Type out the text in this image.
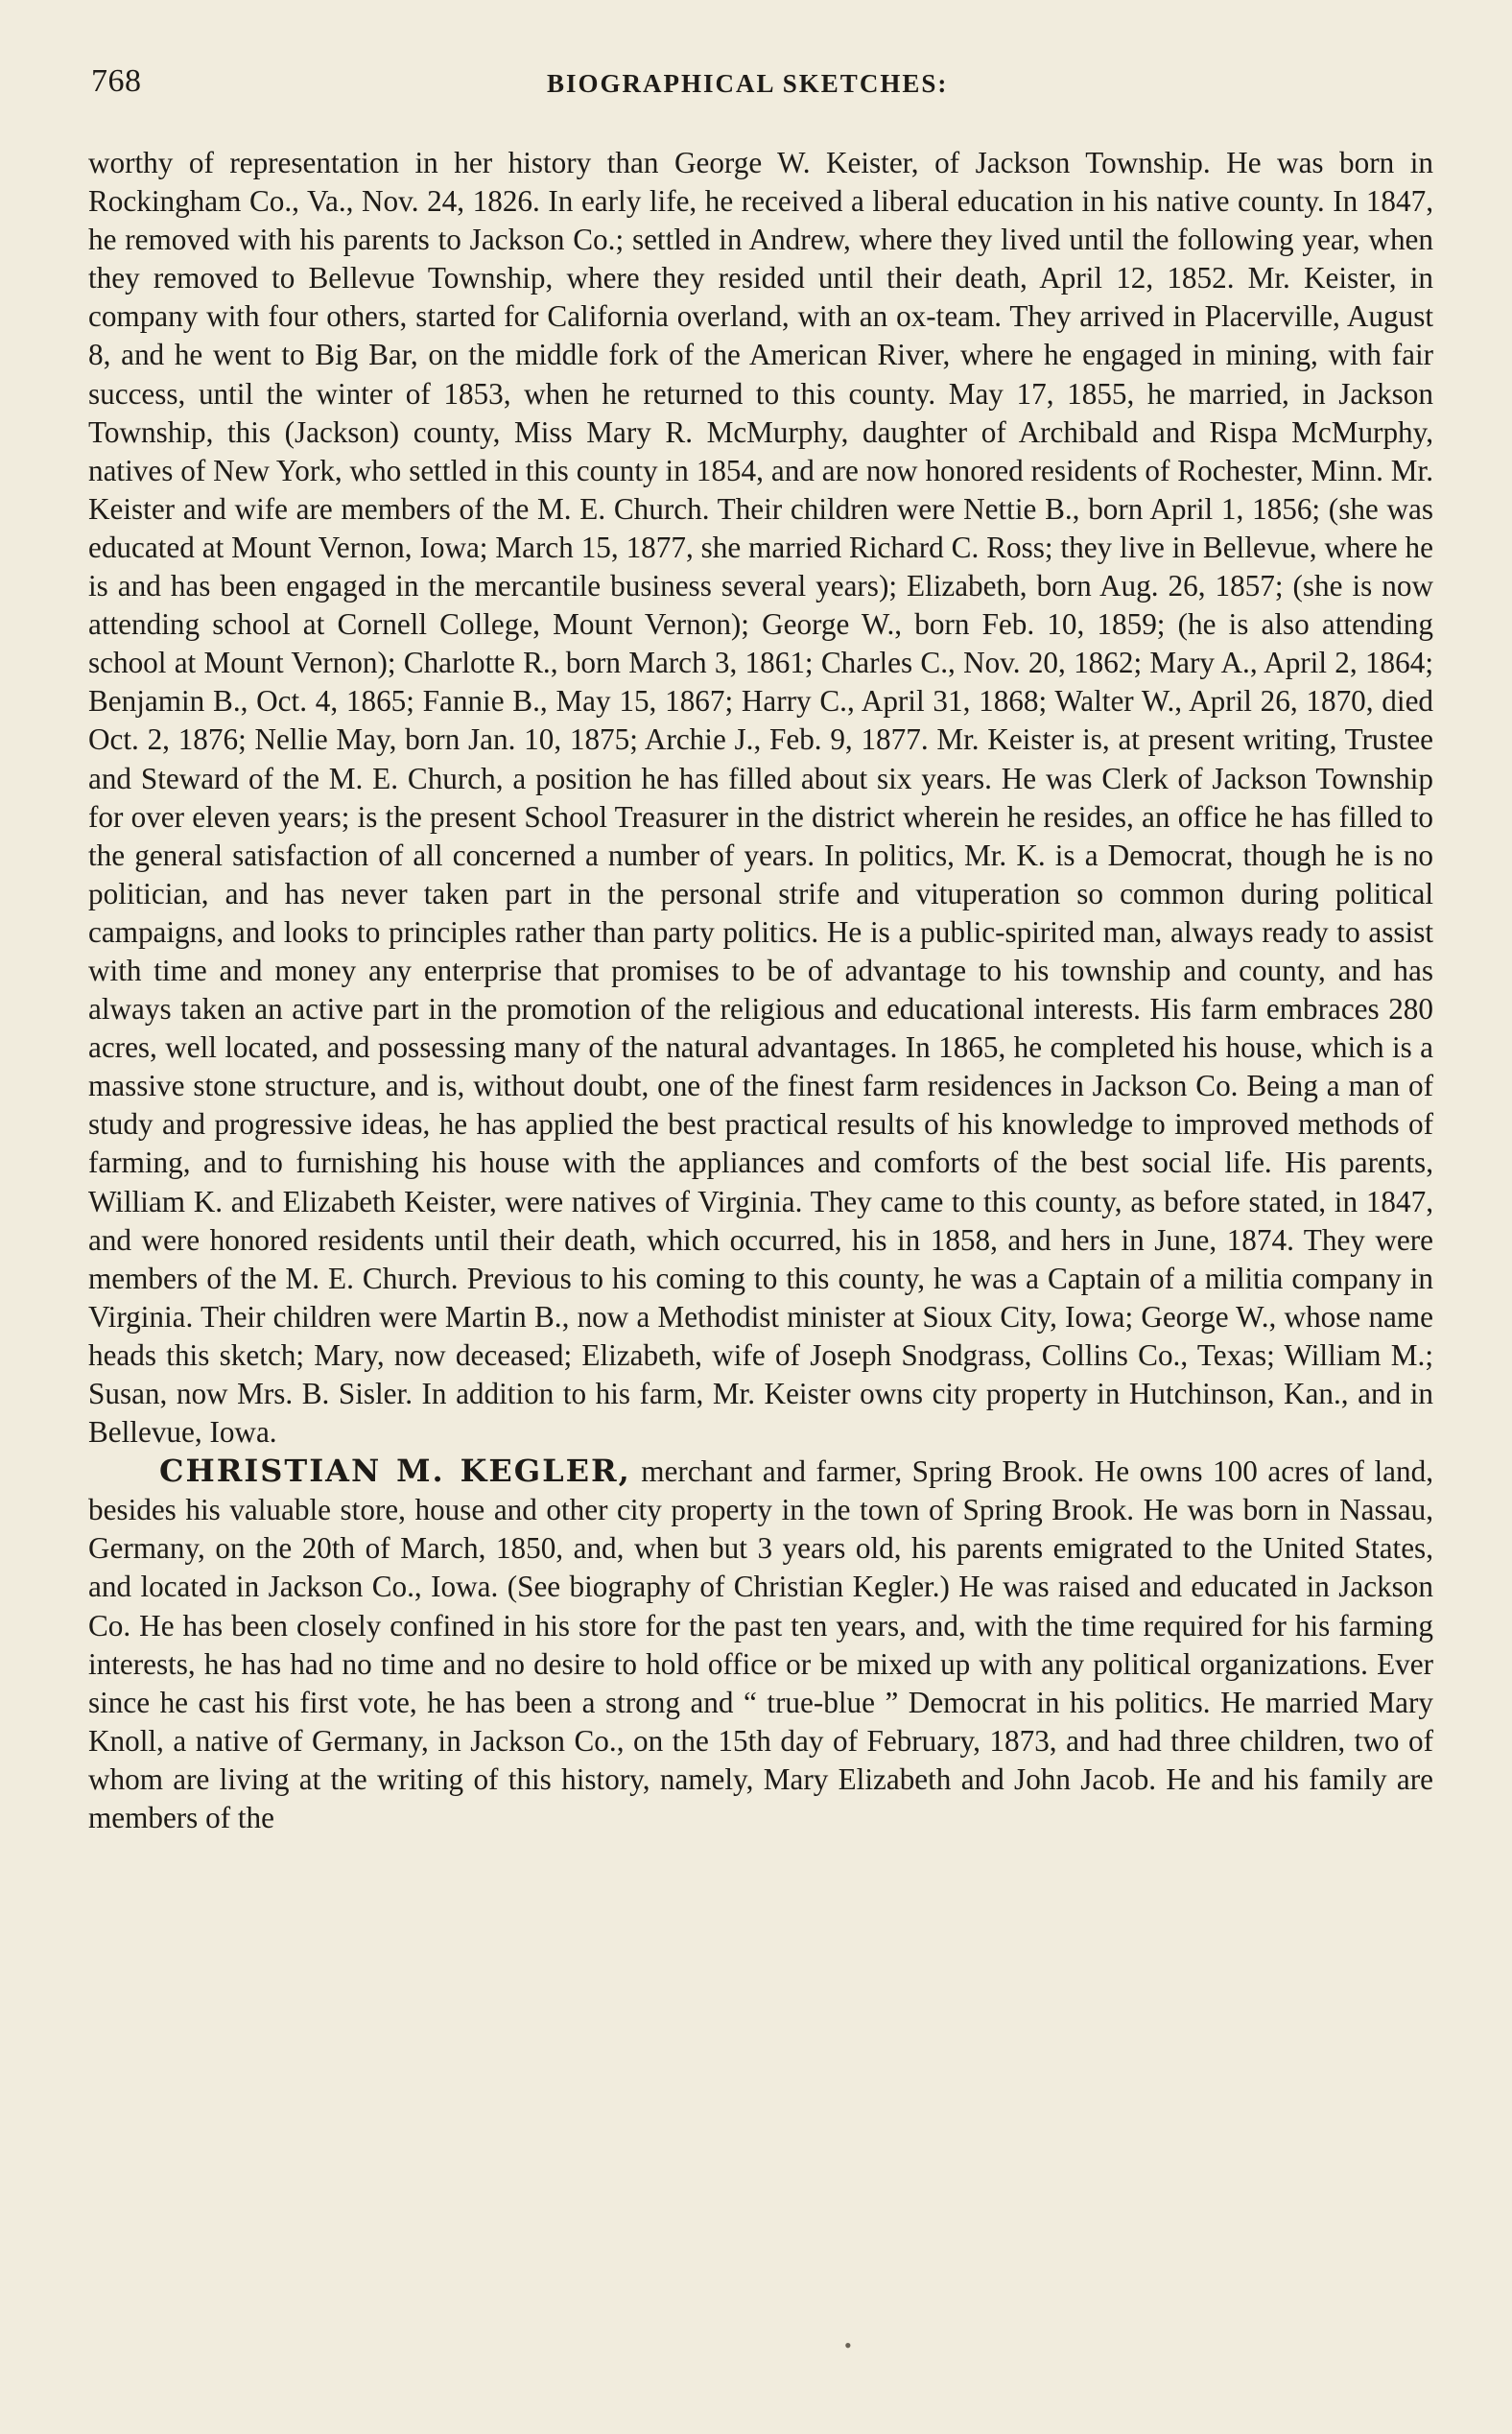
768	BIOGRAPHICAL SKETCHES:

worthy of representation in her history than George W. Keister, of Jackson Township. He was born in Rockingham Co., Va., Nov. 24, 1826. In early life, he received a liberal education in his native county. In 1847, he removed with his parents to Jackson Co.; settled in Andrew, where they lived until the following year, when they removed to Bellevue Township, where they resided until their death, April 12, 1852. Mr. Keister, in company with four others, started for California overland, with an ox-team. They arrived in Placerville, August 8, and he went to Big Bar, on the middle fork of the American River, where he engaged in mining, with fair success, until the winter of 1853, when he returned to this county. May 17, 1855, he married, in Jackson Township, this (Jackson) county, Miss Mary R. McMurphy, daughter of Archibald and Rispa McMurphy, natives of New York, who settled in this county in 1854, and are now honored residents of Rochester, Minn. Mr. Keister and wife are members of the M. E. Church. Their children were Nettie B., born April 1, 1856; (she was educated at Mount Vernon, Iowa; March 15, 1877, she married Richard C. Ross; they live in Bellevue, where he is and has been engaged in the mercantile business several years); Elizabeth, born Aug. 26, 1857; (she is now attending school at Cornell College, Mount Vernon); George W., born Feb. 10, 1859; (he is also attending school at Mount Vernon); Charlotte R., born March 3, 1861; Charles C., Nov. 20, 1862; Mary A., April 2, 1864; Benjamin B., Oct. 4, 1865; Fannie B., May 15, 1867; Harry C., April 31, 1868; Walter W., April 26, 1870, died Oct. 2, 1876; Nellie May, born Jan. 10, 1875; Archie J., Feb. 9, 1877. Mr. Keister is, at present writing, Trustee and Steward of the M. E. Church, a position he has filled about six years. He was Clerk of Jackson Township for over eleven years; is the present School Treasurer in the district wherein he resides, an office he has filled to the general satisfaction of all concerned a number of years. In politics, Mr. K. is a Democrat, though he is no politician, and has never taken part in the personal strife and vituperation so common during political campaigns, and looks to principles rather than party politics. He is a public-spirited man, always ready to assist with time and money any enterprise that promises to be of advantage to his township and county, and has always taken an active part in the promotion of the religious and educational interests. His farm embraces 280 acres, well located, and possessing many of the natural advantages. In 1865, he completed his house, which is a massive stone structure, and is, without doubt, one of the finest farm residences in Jackson Co. Being a man of study and progressive ideas, he has applied the best practical results of his knowledge to improved methods of farming, and to furnishing his house with the appliances and comforts of the best social life. His parents, William K. and Elizabeth Keister, were natives of Virginia. They came to this county, as before stated, in 1847, and were honored residents until their death, which occurred, his in 1858, and hers in June, 1874. They were members of the M. E. Church. Previous to his coming to this county, he was a Captain of a militia company in Virginia. Their children were Martin B., now a Methodist minister at Sioux City, Iowa; George W., whose name heads this sketch; Mary, now deceased; Elizabeth, wife of Joseph Snodgrass, Collins Co., Texas; William M.; Susan, now Mrs. B. Sisler. In addition to his farm, Mr. Keister owns city property in Hutchinson, Kan., and in Bellevue, Iowa.

CHRISTIAN M. KEGLER, merchant and farmer, Spring Brook. He owns 100 acres of land, besides his valuable store, house and other city property in the town of Spring Brook. He was born in Nassau, Germany, on the 20th of March, 1850, and, when but 3 years old, his parents emigrated to the United States, and located in Jackson Co., Iowa. (See biography of Christian Kegler.) He was raised and educated in Jackson Co. He has been closely confined in his store for the past ten years, and, with the time required for his farming interests, he has had no time and no desire to hold office or be mixed up with any political organizations. Ever since he cast his first vote, he has been a strong and “ true-blue ” Democrat in his politics. He married Mary Knoll, a native of Germany, in Jackson Co., on the 15th day of February, 1873, and had three children, two of whom are living at the writing of this history, namely, Mary Elizabeth and John Jacob. He and his family are members of the

•
